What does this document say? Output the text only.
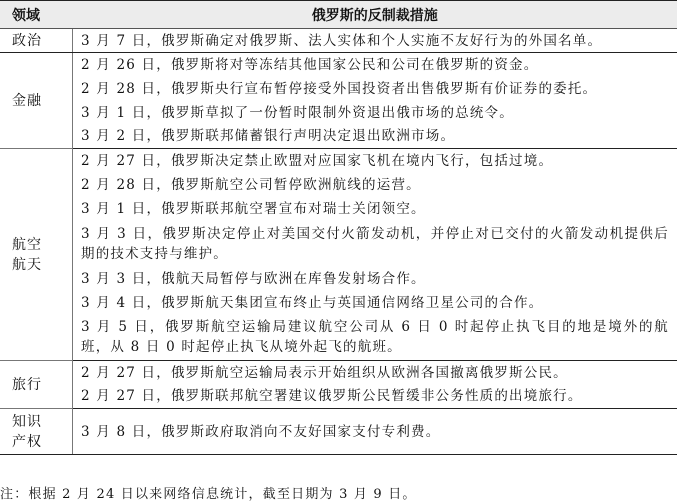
领域	俄罗斯的反制裁措施
政治	3 月 7 日，俄罗斯确定对俄罗斯、法人实体和个人实施不友好行为的外国名单。
金融	2 月 26 日，俄罗斯将对等冻结其他国家公民和公司在俄罗斯的资金。
	2 月 28 日，俄罗斯央行宣布暂停接受外国投资者出售俄罗斯有价证券的委托。
	3 月 1 日，俄罗斯草拟了一份暂时限制外资退出俄市场的总统令。
	3 月 2 日，俄罗斯联邦储蓄银行声明决定退出欧洲市场。

航空航天	2 月 27 日，俄罗斯决定禁止欧盟对应国家飞机在境内飞行，包括过境。
	2 月 28 日，俄罗斯航空公司暂停欧洲航线的运营。
	3 月 1 日，俄罗斯联邦航空署宣布对瑞士关闭领空。
	3 月 3 日，俄罗斯决定停止对美国交付火箭发动机，并停止对已交付的火箭发动机提供后期的技术支持与维护。
	3 月 3 日，俄航天局暂停与欧洲在库鲁发射场合作。
	3 月 4 日，俄罗斯航天集团宣布终止与英国通信网络卫星公司的合作。
	3 月 5 日，俄罗斯航空运输局建议航空公司从 6 日 0 时起停止执飞目的地是境外的航班，从 8 日 0 时起停止执飞从境外起飞的航班。
旅行	2 月 27 日，俄罗斯航空运输局表示开始组织从欧洲各国撤离俄罗斯公民。
	2 月 27 日，俄罗斯联邦航空署建议俄罗斯公民暂缓非公务性质的出境旅行。

知识产权	3 月 8 日，俄罗斯政府取消向不友好国家支付专利费。
注：根据 2 月 24 日以来网络信息统计，截至日期为 3 月 9 日。
